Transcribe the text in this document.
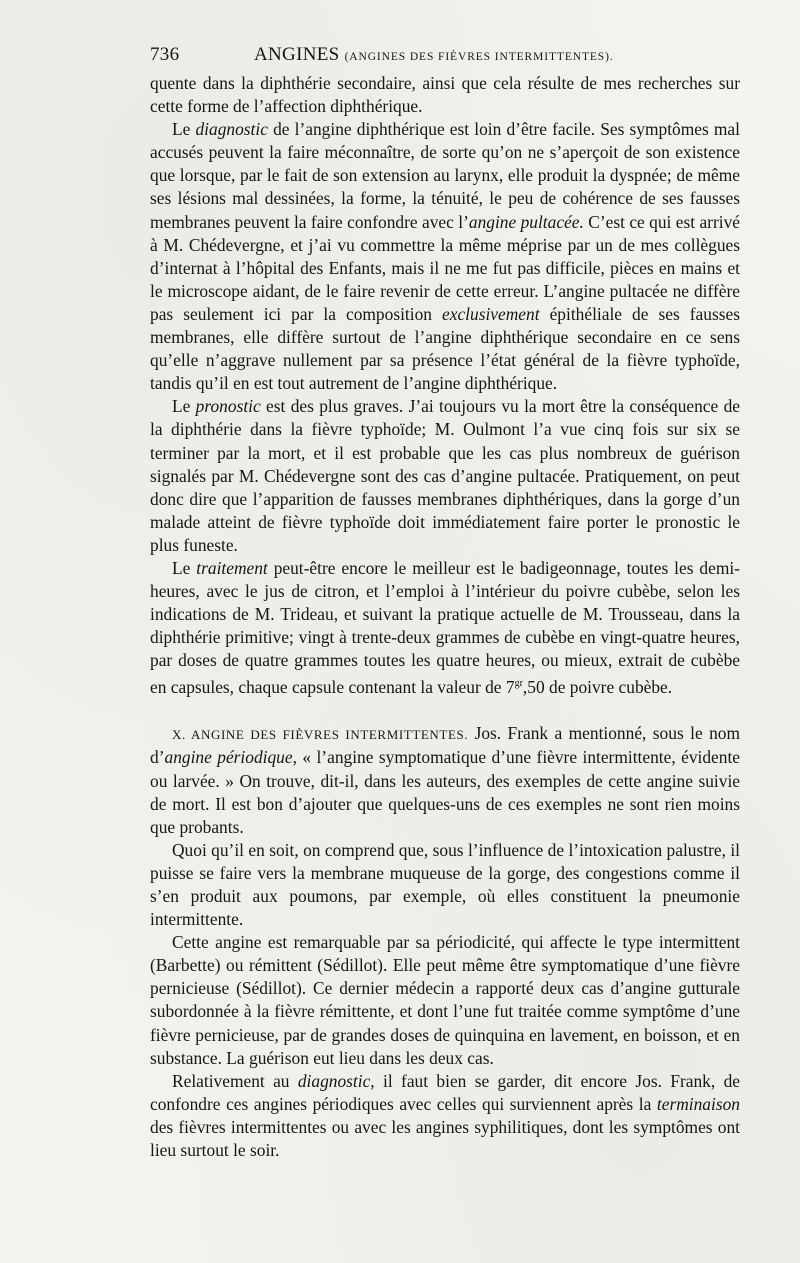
736	ANGINES (ANGINES DES FIÈVRES INTERMITTENTES).

quente dans la diphthérie secondaire, ainsi que cela résulte de mes recherches sur cette forme de l’affection diphthérique.

Le diagnostic de l’angine diphthérique est loin d’être facile. Ses symptômes mal accusés peuvent la faire méconnaître, de sorte qu’on ne s’aperçoit de son existence que lorsque, par le fait de son extension au larynx, elle produit la dyspnée; de même ses lésions mal dessinées, la forme, la ténuité, le peu de cohérence de ses fausses membranes peuvent la faire confondre avec l’angine pultacée. C’est ce qui est arrivé à M. Chédevergne, et j’ai vu commettre la même méprise par un de mes collègues d’internat à l’hôpital des Enfants, mais il ne me fut pas difficile, pièces en mains et le microscope aidant, de le faire revenir de cette erreur. L’angine pultacée ne diffère pas seulement ici par la composition exclusivement épithéliale de ses fausses membranes, elle diffère surtout de l’angine diphthérique secondaire en ce sens qu’elle n’aggrave nullement par sa présence l’état général de la fièvre typhoïde, tandis qu’il en est tout autrement de l’angine diphthérique.

Le pronostic est des plus graves. J’ai toujours vu la mort être la conséquence de la diphthérie dans la fièvre typhoïde; M. Oulmont l’a vue cinq fois sur six se terminer par la mort, et il est probable que les cas plus nombreux de guérison signalés par M. Chédevergne sont des cas d’angine pultacée. Pratiquement, on peut donc dire que l’apparition de fausses membranes diphthériques, dans la gorge d’un malade atteint de fièvre typhoïde doit immédiatement faire porter le pronostic le plus funeste.

Le traitement peut-être encore le meilleur est le badigeonnage, toutes les demi-heures, avec le jus de citron, et l’emploi à l’intérieur du poivre cubèbe, selon les indications de M. Trideau, et suivant la pratique actuelle de M. Trousseau, dans la diphthérie primitive; vingt à trente-deux grammes de cubèbe en vingt-quatre heures, par doses de quatre grammes toutes les quatre heures, ou mieux, extrait de cubèbe en capsules, chaque capsule contenant la valeur de $7^{gr},50$ de poivre cubèbe.

X. ANGINE DES FIÈVRES INTERMITTENTES. Jos. Frank a mentionné, sous le nom d’angine périodique, « l’angine symptomatique d’une fièvre intermittente, évidente ou larvée. » On trouve, dit-il, dans les auteurs, des exemples de cette angine suivie de mort. Il est bon d’ajouter que quelques-uns de ces exemples ne sont rien moins que probants.

Quoi qu’il en soit, on comprend que, sous l’influence de l’intoxication palustre, il puisse se faire vers la membrane muqueuse de la gorge, des congestions comme il s’en produit aux poumons, par exemple, où elles constituent la pneumonie intermittente.

Cette angine est remarquable par sa périodicité, qui affecte le type intermittent (Barbette) ou rémittent (Sédillot). Elle peut même être symptomatique d’une fièvre pernicieuse (Sédillot). Ce dernier médecin a rapporté deux cas d’angine gutturale subordonnée à la fièvre rémittente, et dont l’une fut traitée comme symptôme d’une fièvre pernicieuse, par de grandes doses de quinquina en lavement, en boisson, et en substance. La guérison eut lieu dans les deux cas.

Relativement au diagnostic, il faut bien se garder, dit encore Jos. Frank, de confondre ces angines périodiques avec celles qui surviennent après la terminaison des fièvres intermittentes ou avec les angines syphilitiques, dont les symptômes ont lieu surtout le soir.
